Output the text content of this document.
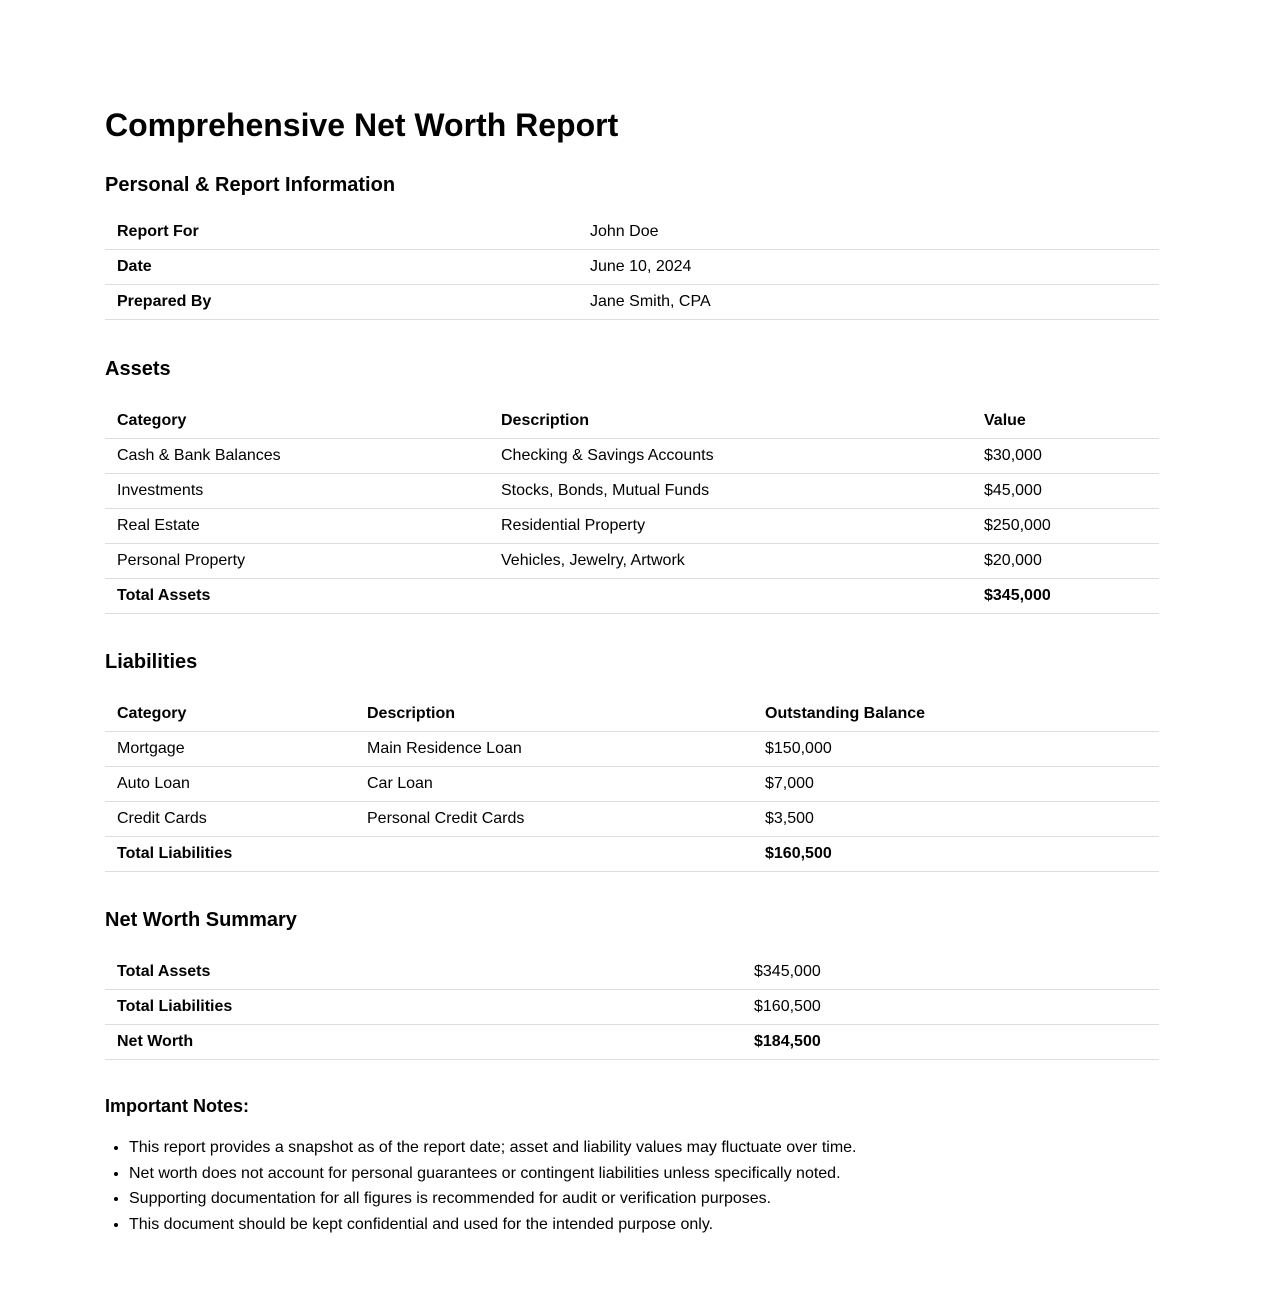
Comprehensive Net Worth Report
Personal & Report Information
Report For	John Doe
Date	June 10, 2024
Prepared By	Jane Smith, CPA
Assets
Category	Description	Value
Cash & Bank Balances	Checking & Savings Accounts	$30,000
Investments	Stocks, Bonds, Mutual Funds	$45,000
Real Estate	Residential Property	$250,000
Personal Property	Vehicles, Jewelry, Artwork	$20,000
Total Assets		$345,000
Liabilities
Category	Description	Outstanding Balance
Mortgage	Main Residence Loan	$150,000
Auto Loan	Car Loan	$7,000
Credit Cards	Personal Credit Cards	$3,500
Total Liabilities		$160,500
Net Worth Summary
Total Assets	$345,000
Total Liabilities	$160,500
Net Worth	$184,500
Important Notes:
• This report provides a snapshot as of the report date; asset and liability values may fluctuate over time.
• Net worth does not account for personal guarantees or contingent liabilities unless specifically noted.
• Supporting documentation for all figures is recommended for audit or verification purposes.
• This document should be kept confidential and used for the intended purpose only.
